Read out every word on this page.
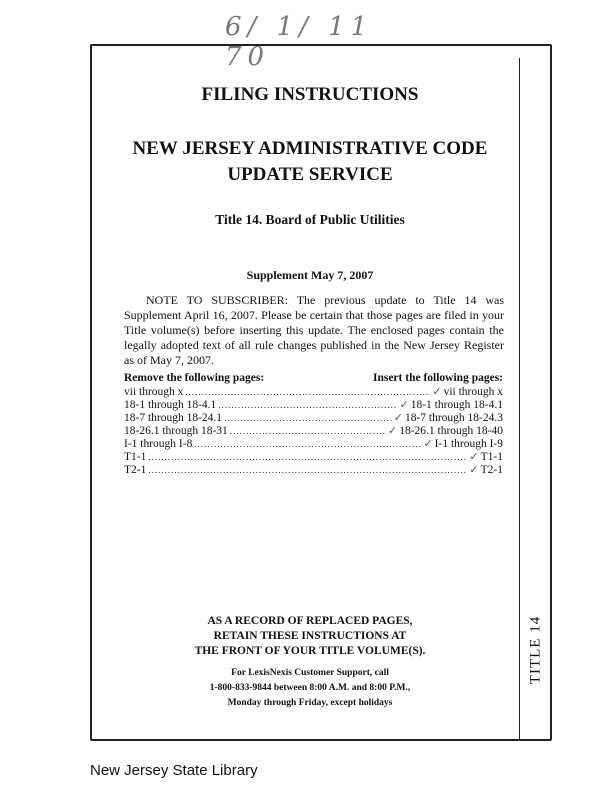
6/ 1/ 11 70
TITLE 14
FILING INSTRUCTIONS
NEW JERSEY ADMINISTRATIVE CODE
UPDATE SERVICE
Title 14. Board of Public Utilities
Supplement May 7, 2007
NOTE TO SUBSCRIBER: The previous update to Title 14 was Supplement April 16, 2007. Please be certain that those pages are filed in your Title volume(s) before inserting this update. The enclosed pages contain the legally adopted text of all rule changes published in the New Jersey Register as of May 7, 2007.
Remove the following pages:	Insert the following pages:
vii through x .....	✓ vii through x
18-1 through 18-4.1 .....	✓ 18-1 through 18-4.1
18-7 through 18-24.1 .....	✓ 18-7 through 18-24.3
18-26.1 through 18-31 .....	✓ 18-26.1 through 18-40
I-1 through I-8 .....	✓ I-1 through I-9
T1-1 .....	✓ T1-1
T2-1 .....	✓ T2-1
AS A RECORD OF REPLACED PAGES,
RETAIN THESE INSTRUCTIONS AT
THE FRONT OF YOUR TITLE VOLUME(S).
For LexisNexis Customer Support, call
1-800-833-9844 between 8:00 A.M. and 8:00 P.M.,
Monday through Friday, except holidays
New Jersey State Library
